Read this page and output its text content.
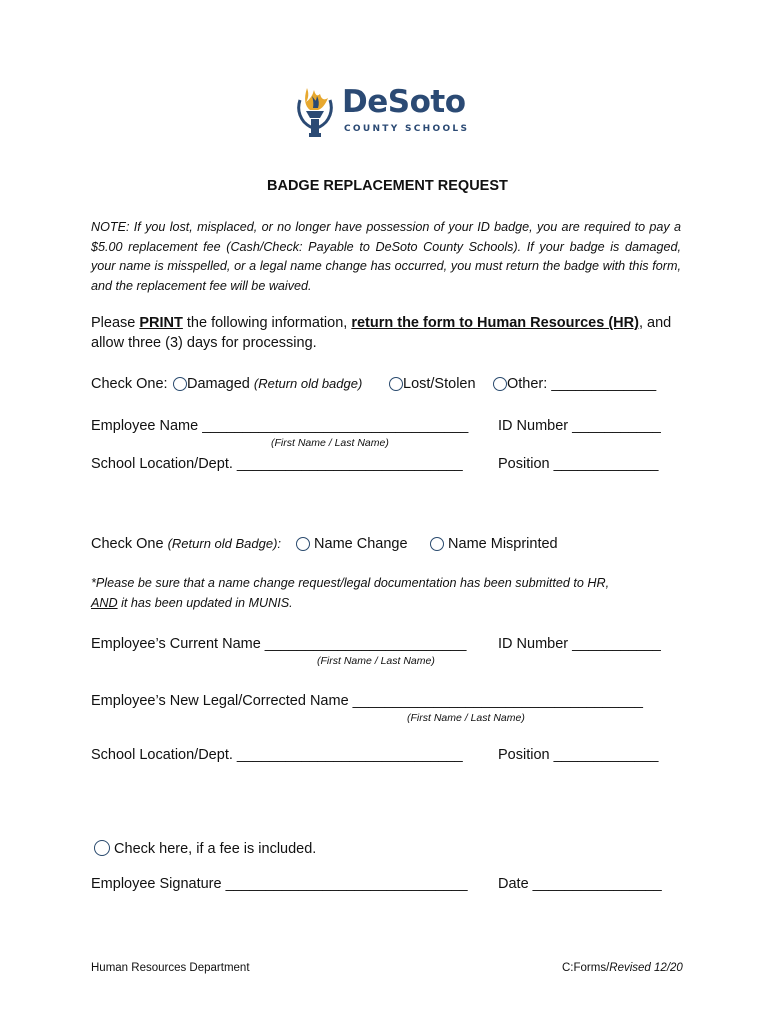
DeSoto
COUNTY SCHOOLS
BADGE REPLACEMENT REQUEST
NOTE: If you lost, misplaced, or no longer have possession of your ID badge, you are required to pay a $5.00 replacement fee (Cash/Check: Payable to DeSoto County Schools). If your badge is damaged, your name is misspelled, or a legal name change has occurred, you must return the badge with this form, and the replacement fee will be waived.
Please PRINT the following information, return the form to Human Resources (HR), and
allow three (3) days for processing.
Check One:	Damaged (Return old badge)	Lost/Stolen	Other: _____________
Employee Name _________________________________ ID Number ___________
(First Name / Last Name)
School Location/Dept. ____________________________ Position _____________
Check One (Return old Badge):	Name Change	Name Misprinted
*Please be sure that a name change request/legal documentation has been submitted to HR,
AND it has been updated in MUNIS.
Employee’s Current Name _________________________ ID Number ___________
(First Name / Last Name)
Employee’s New Legal/Corrected Name ____________________________________
(First Name / Last Name)
School Location/Dept. ____________________________ Position _____________
Check here, if a fee is included.
Employee Signature ______________________________ Date ________________
Human Resources Department	C:Forms/Revised 12/20
